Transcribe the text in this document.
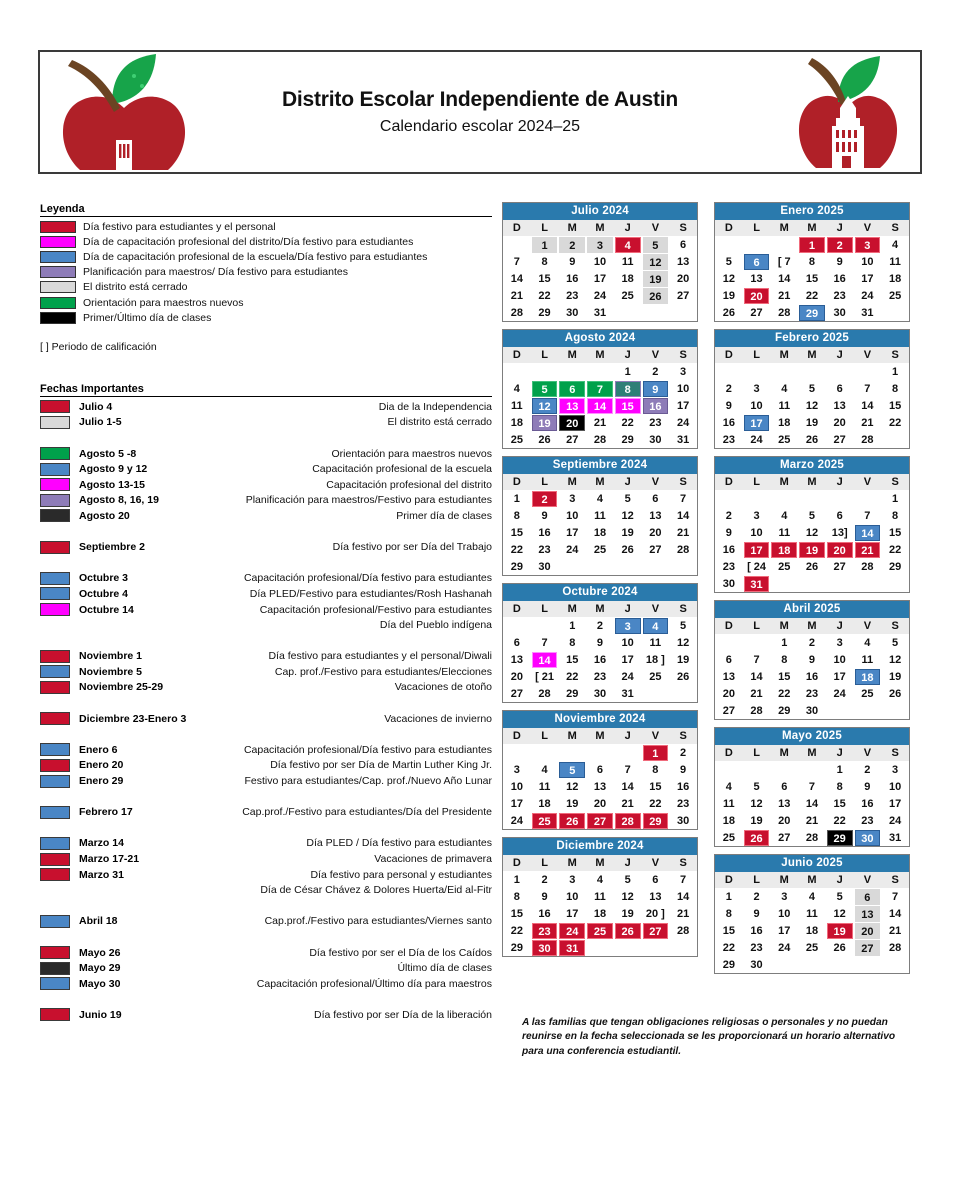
Distrito Escolar Independiente de Austin
Calendario escolar 2024–25
Leyenda
Día festivo para estudiantes y el personal
Día de capacitación profesional del distrito/Día festivo para estudiantes
Día de capacitación profesional de la escuela/Día festivo para estudiantes
Planificación para maestros/ Día festivo para estudiantes
El distrito está cerrado
Orientación para maestros nuevos
Primer/Último día de clases
[ ] Periodo de calificación
Fechas Importantes
Julio 4	Dia de la Independencia
Julio 1-5	El distrito está cerrado
Agosto 5 -8	Orientación para maestros nuevos
Agosto 9 y 12	Capacitación profesional de la escuela
Agosto 13-15	Capacitación profesional del distrito
Agosto 8, 16, 19	Planificación para maestros/Festivo para estudiantes
Agosto 20	Primer día de clases
Septiembre 2	Día festivo por ser Día del Trabajo
Octubre 3	Capacitación profesional/Día festivo para estudiantes
Octubre 4	Día PLED/Festivo para estudiantes/Rosh Hashanah
Octubre 14	Capacitación profesional/Festivo para estudiantes
Día del Pueblo indígena
Noviembre 1	Día festivo para estudiantes y el personal/Diwali
Noviembre 5	Cap. prof./Festivo para estudiantes/Elecciones
Noviembre 25-29	Vacaciones de otoño
Diciembre 23-Enero 3	Vacaciones de invierno
Enero 6	Capacitación profesional/Día festivo para estudiantes
Enero 20	Día festivo por ser Día de Martin Luther King Jr.
Enero 29	Festivo para estudiantes/Cap. prof./Nuevo Año Lunar
Febrero 17	Cap.prof./Festivo para estudiantes/Día del Presidente
Marzo 14	Día PLED / Día festivo para estudiantes
Marzo 17-21	Vacaciones de primavera
Marzo 31	Día festivo para personal y estudiantes
Día de César Chávez & Dolores Huerta/Eid al-Fitr
Abril 18	Cap.prof./Festivo para estudiantes/Viernes santo
Mayo 26	Día festivo por ser el Día de los Caídos
Mayo 29	Último día de clases
Mayo 30	Capacitación profesional/Último día para maestros
Junio 19	Día festivo por ser Día de la liberación
Julio 2024
D	L	M	M	J	V	S

	1	2	3	4	5	6

7	8	9	10	11	12	13

14	15	16	17	18	19	20

21	22	23	24	25	26	27

28	29	30	31			

Agosto 2024
D	L	M	M	J	V	S

				1	2	3

4	5	6	7	8	9	10

11	12	13	14	15	16	17

18	19	20	21	22	23	24

25	26	27	28	29	30	31
Septiembre 2024
D	L	M	M	J	V	S

1	2	3	4	5	6	7

8	9	10	11	12	13	14

15	16	17	18	19	20	21

22	23	24	25	26	27	28

29	30					

Octubre 2024
D	L	M	M	J	V	S

		1	2	3	4	5

6	7	8	9	10	11	12

13	14	15	16	17	18 ]	19

20	[ 21	22	23	24	25	26

27	28	29	30	31		

Noviembre 2024
D	L	M	M	J	V	S

					1	2

3	4	5	6	7	8	9

10	11	12	13	14	15	16

17	18	19	20	21	22	23

24	25	26	27	28	29	30
Diciembre 2024
D	L	M	M	J	V	S

1	2	3	4	5	6	7

8	9	10	11	12	13	14

15	16	17	18	19	20 ]	21

22	23	24	25	26	27	28

29	30	31				

Enero 2025
D	L	M	M	J	V	S

			1	2	3	4

5	6	[ 7	8	9	10	11

12	13	14	15	16	17	18

19	20	21	22	23	24	25

26	27	28	29	30	31	

Febrero 2025
D	L	M	M	J	V	S

						1

2	3	4	5	6	7	8

9	10	11	12	13	14	15

16	17	18	19	20	21	22

23	24	25	26	27	28	

Marzo 2025
D	L	M	M	J	V	S

						1

2	3	4	5	6	7	8

9	10	11	12	13]	14	15

16	17	18	19	20	21	22

23	[ 24	25	26	27	28	29

30	31					

Abril 2025
D	L	M	M	J	V	S

		1	2	3	4	5

6	7	8	9	10	11	12

13	14	15	16	17	18	19

20	21	22	23	24	25	26

27	28	29	30			

Mayo 2025
D	L	M	M	J	V	S

				1	2	3

4	5	6	7	8	9	10

11	12	13	14	15	16	17

18	19	20	21	22	23	24

25	26	27	28	29	30	31
Junio 2025
D	L	M	M	J	V	S

1	2	3	4	5	6	7

8	9	10	11	12	13	14

15	16	17	18	19	20	21

22	23	24	25	26	27	28

29	30					

A las familias que tengan obligaciones religiosas o personales y no puedan reunirse en la fecha seleccionada se les proporcionará un horario alternativo para una conferencia estudiantil.
